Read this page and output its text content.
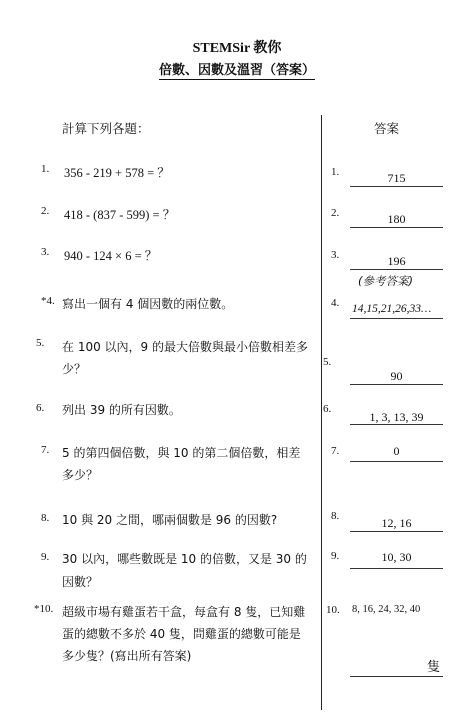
STEMSir 教你
倍數、因數及溫習（答案）
計算下列各題：	答案
1. 356 - 219 + 578 = ？
2. 418 - (837 - 599) = ？
3. 940 - 124 × 6 = ？
*4. 寫出一個有 4 個因數的兩位數。
5. 在 100 以內，9 的最大倍數與最小倍數相差多
少？
6. 列出 39 的所有因數。
7. 5 的第四個倍數，與 10 的第二個倍數，相差
多少？
8. 10 與 20 之間，哪兩個數是 96 的因數?
9. 30 以內，哪些數既是 10 的倍數，又是 30 的
因數？
*10. 超級市場有雞蛋若干盒，每盒有 8 隻，已知雞
蛋的總數不多於 40 隻，問雞蛋的總數可能是
多少隻？(寫出所有答案)
1.	715
2.	180
3.	196
(參考答案)
4. 14,15,21,26,33…
5.
90
6.
1, 3, 13, 39
7.	0
8.	12, 16
9.	10, 30
10. 8, 16, 24, 32, 40
隻
